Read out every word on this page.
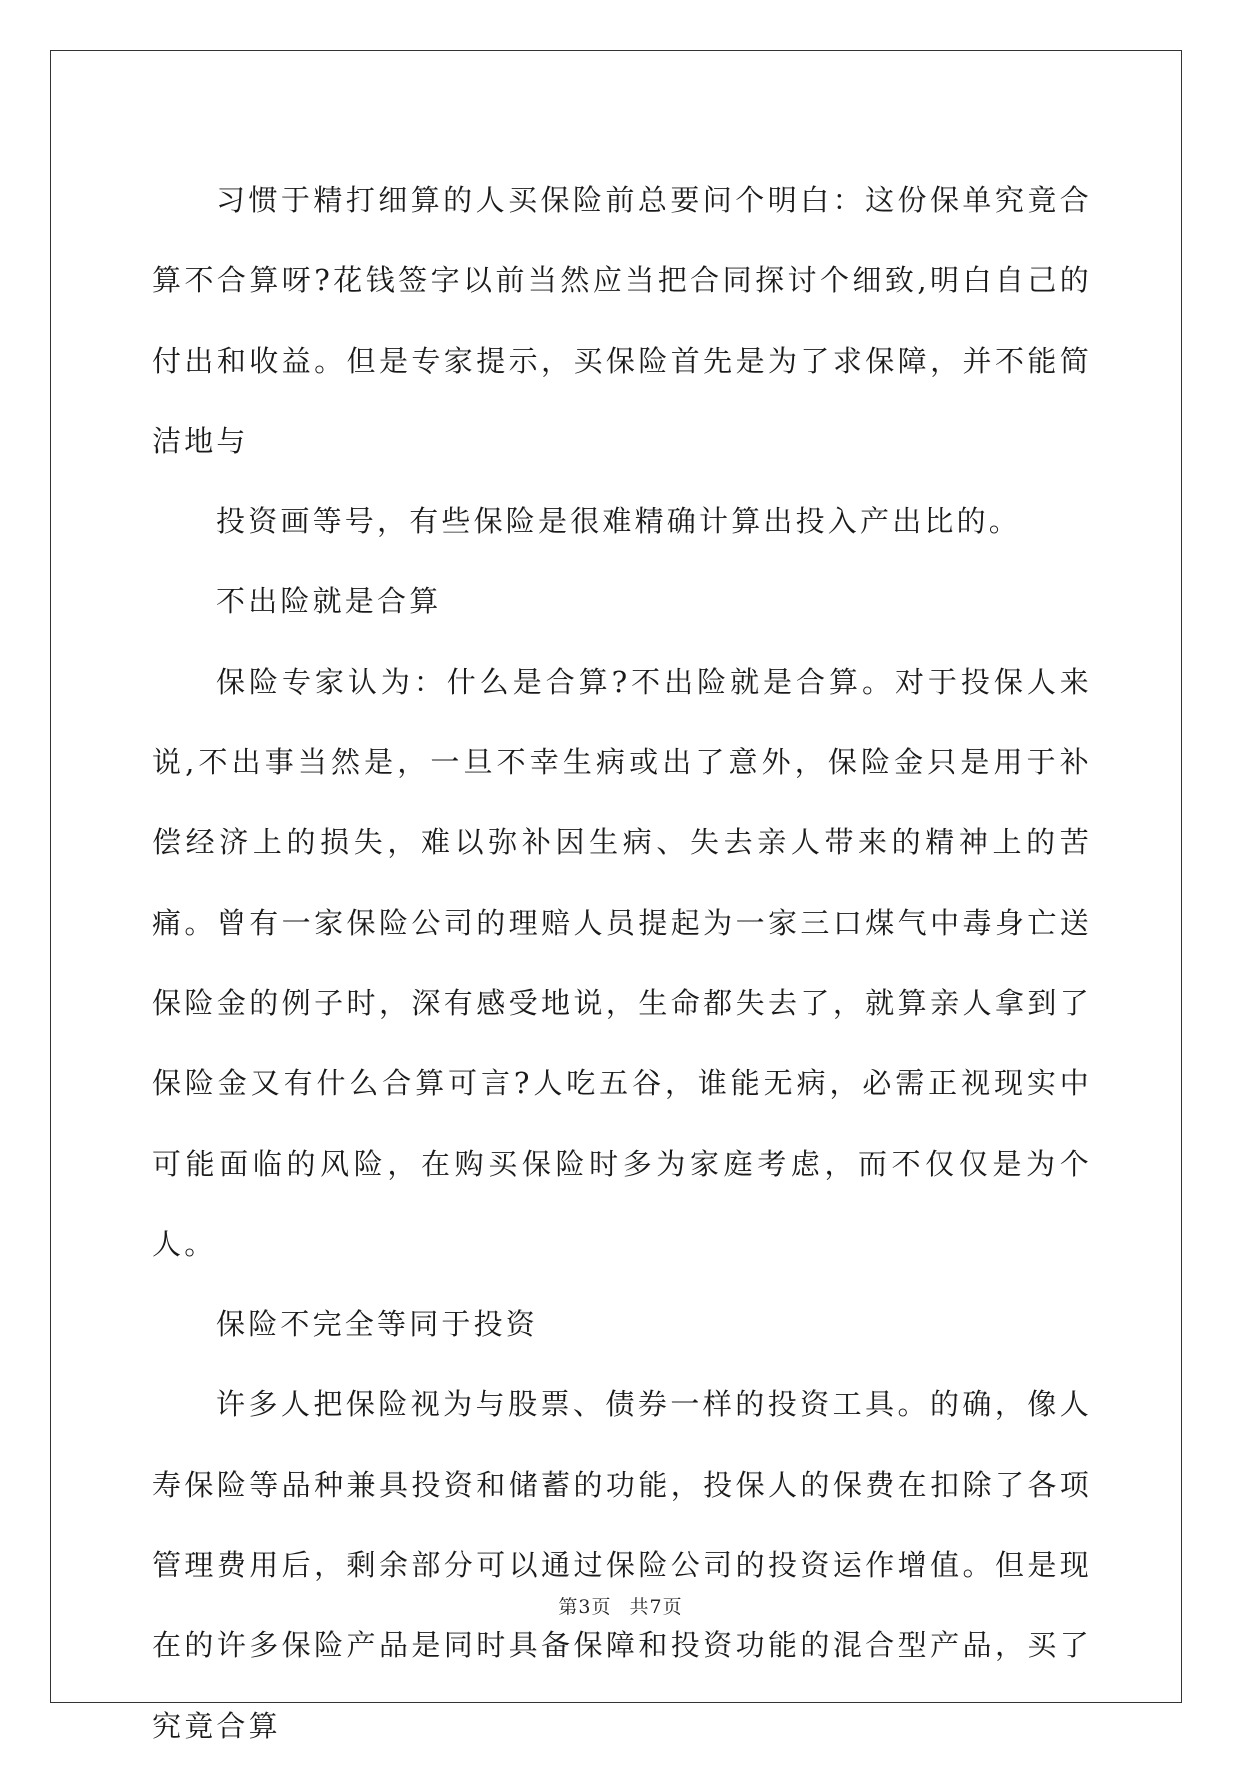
习惯于精打细算的人买保险前总要问个明白：这份保单究竟合算不合算呀?花钱签字以前当然应当把合同探讨个细致,明白自己的付出和收益。但是专家提示，买保险首先是为了求保障，并不能简洁地与

投资画等号，有些保险是很难精确计算出投入产出比的。

不出险就是合算

保险专家认为：什么是合算?不出险就是合算。对于投保人来说,不出事当然是，一旦不幸生病或出了意外，保险金只是用于补偿经济上的损失，难以弥补因生病、失去亲人带来的精神上的苦痛。曾有一家保险公司的理赔人员提起为一家三口煤气中毒身亡送保险金的例子时，深有感受地说，生命都失去了，就算亲人拿到了保险金又有什么合算可言?人吃五谷，谁能无病，必需正视现实中可能面临的风险，在购买保险时多为家庭考虑，而不仅仅是为个人。

保险不完全等同于投资

许多人把保险视为与股票、债券一样的投资工具。的确，像人寿保险等品种兼具投资和储蓄的功能，投保人的保费在扣除了各项管理费用后，剩余部分可以通过保险公司的投资运作增值。但是现在的许多保险产品是同时具备保障和投资功能的混合型产品，买了究竟合算

第3页 共7页
